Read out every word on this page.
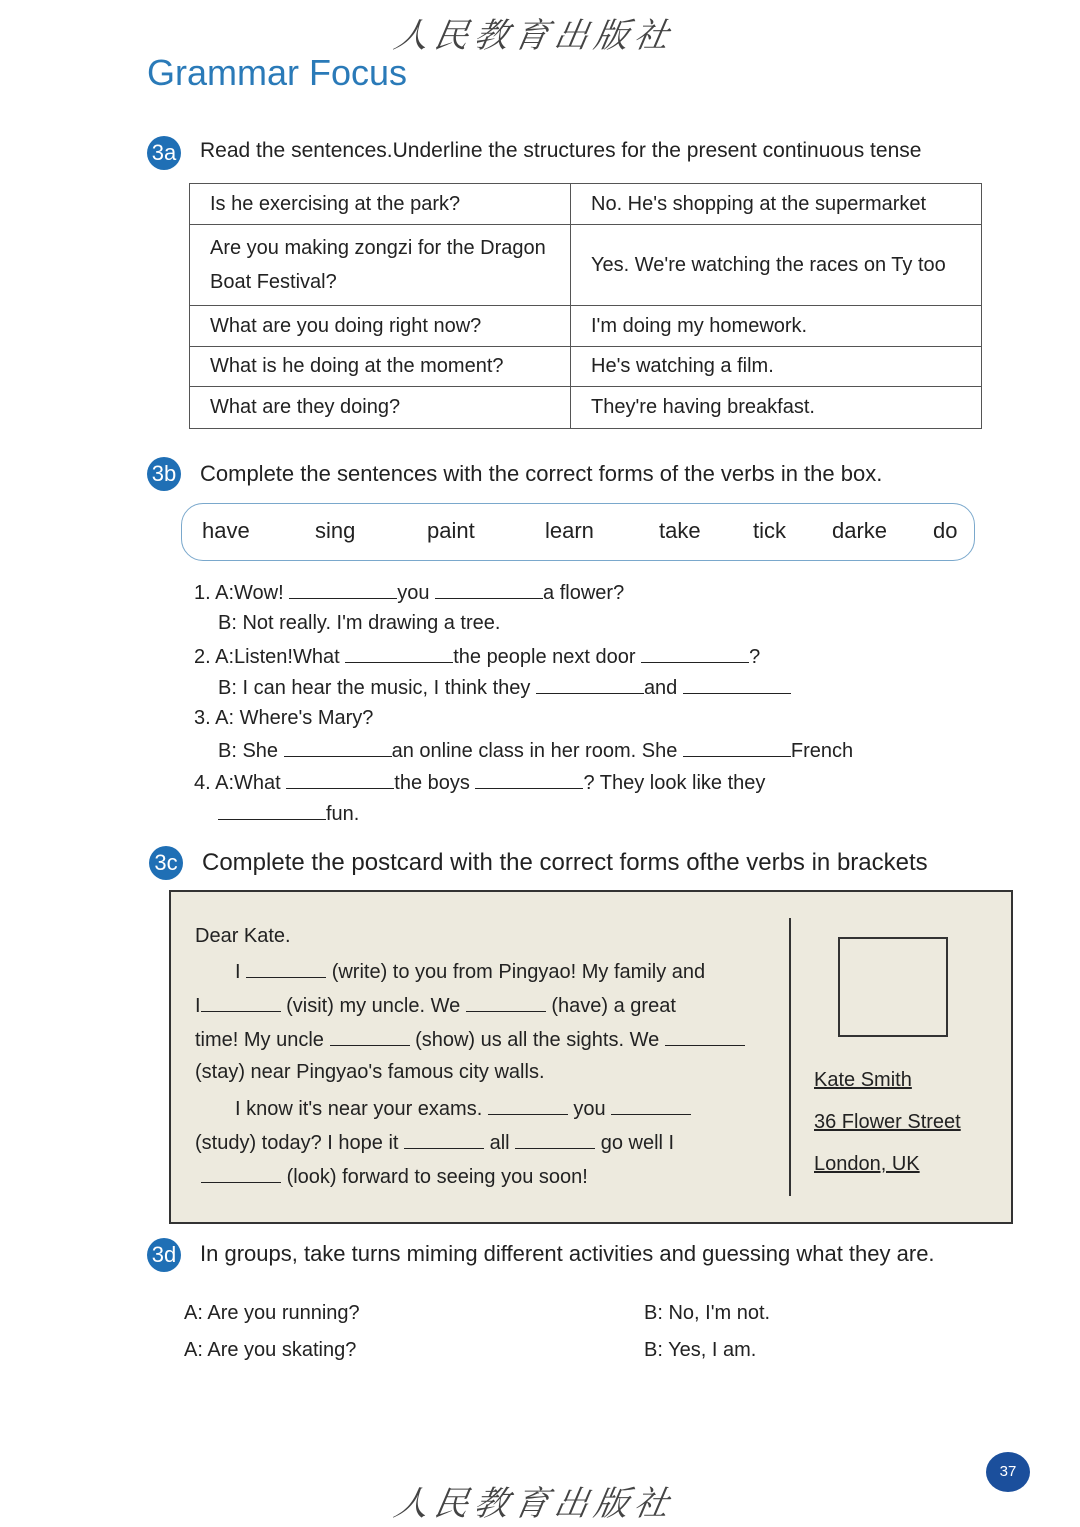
人民教育出版社
Grammar Focus
3a Read the sentences.Underline the structures for the present continuous tense
Is he exercising at the park?	No. He's shopping at the supermarket
Are you making zongzi for the Dragon Boat Festival?	Yes. We're watching the races on Ty too
What are you doing right now?	I'm doing my homework.
What is he doing at the moment?	He's watching a film.
What are they doing?	They're having breakfast.
3b Complete the sentences with the correct forms of the verbs in the box.
have	sing	paint	learn	take tick darke do
1. A:Wow!	you	a flower?
B: Not really. I'm drawing a tree.
2. A:Listen!What	the people next door	?
B: I can hear the music, I think they	and
3. A: Where's Mary?
B: She	an online class in her room. She	French
4. A:What	the boys	? They look like they
fun.
3c Complete the postcard with the correct forms ofthe verbs in brackets
Dear Kate.
I	(write) to you from Pingyao! My family and
I	(visit) my uncle. We	(have) a great
time! My uncle	(show) us all the sights. We
(stay) near Pingyao's famous city walls.
I know it's near your exams.	you
(study) today? I hope it	all	go well I
(look) forward to seeing you soon!
Kate Smith
36 Flower Street
London, UK
3d In groups, take turns miming different activities and guessing what they are.
A: Are you running?	B: No, I'm not.
A: Are you skating?	B: Yes, I am.
37
人民教育出版社
